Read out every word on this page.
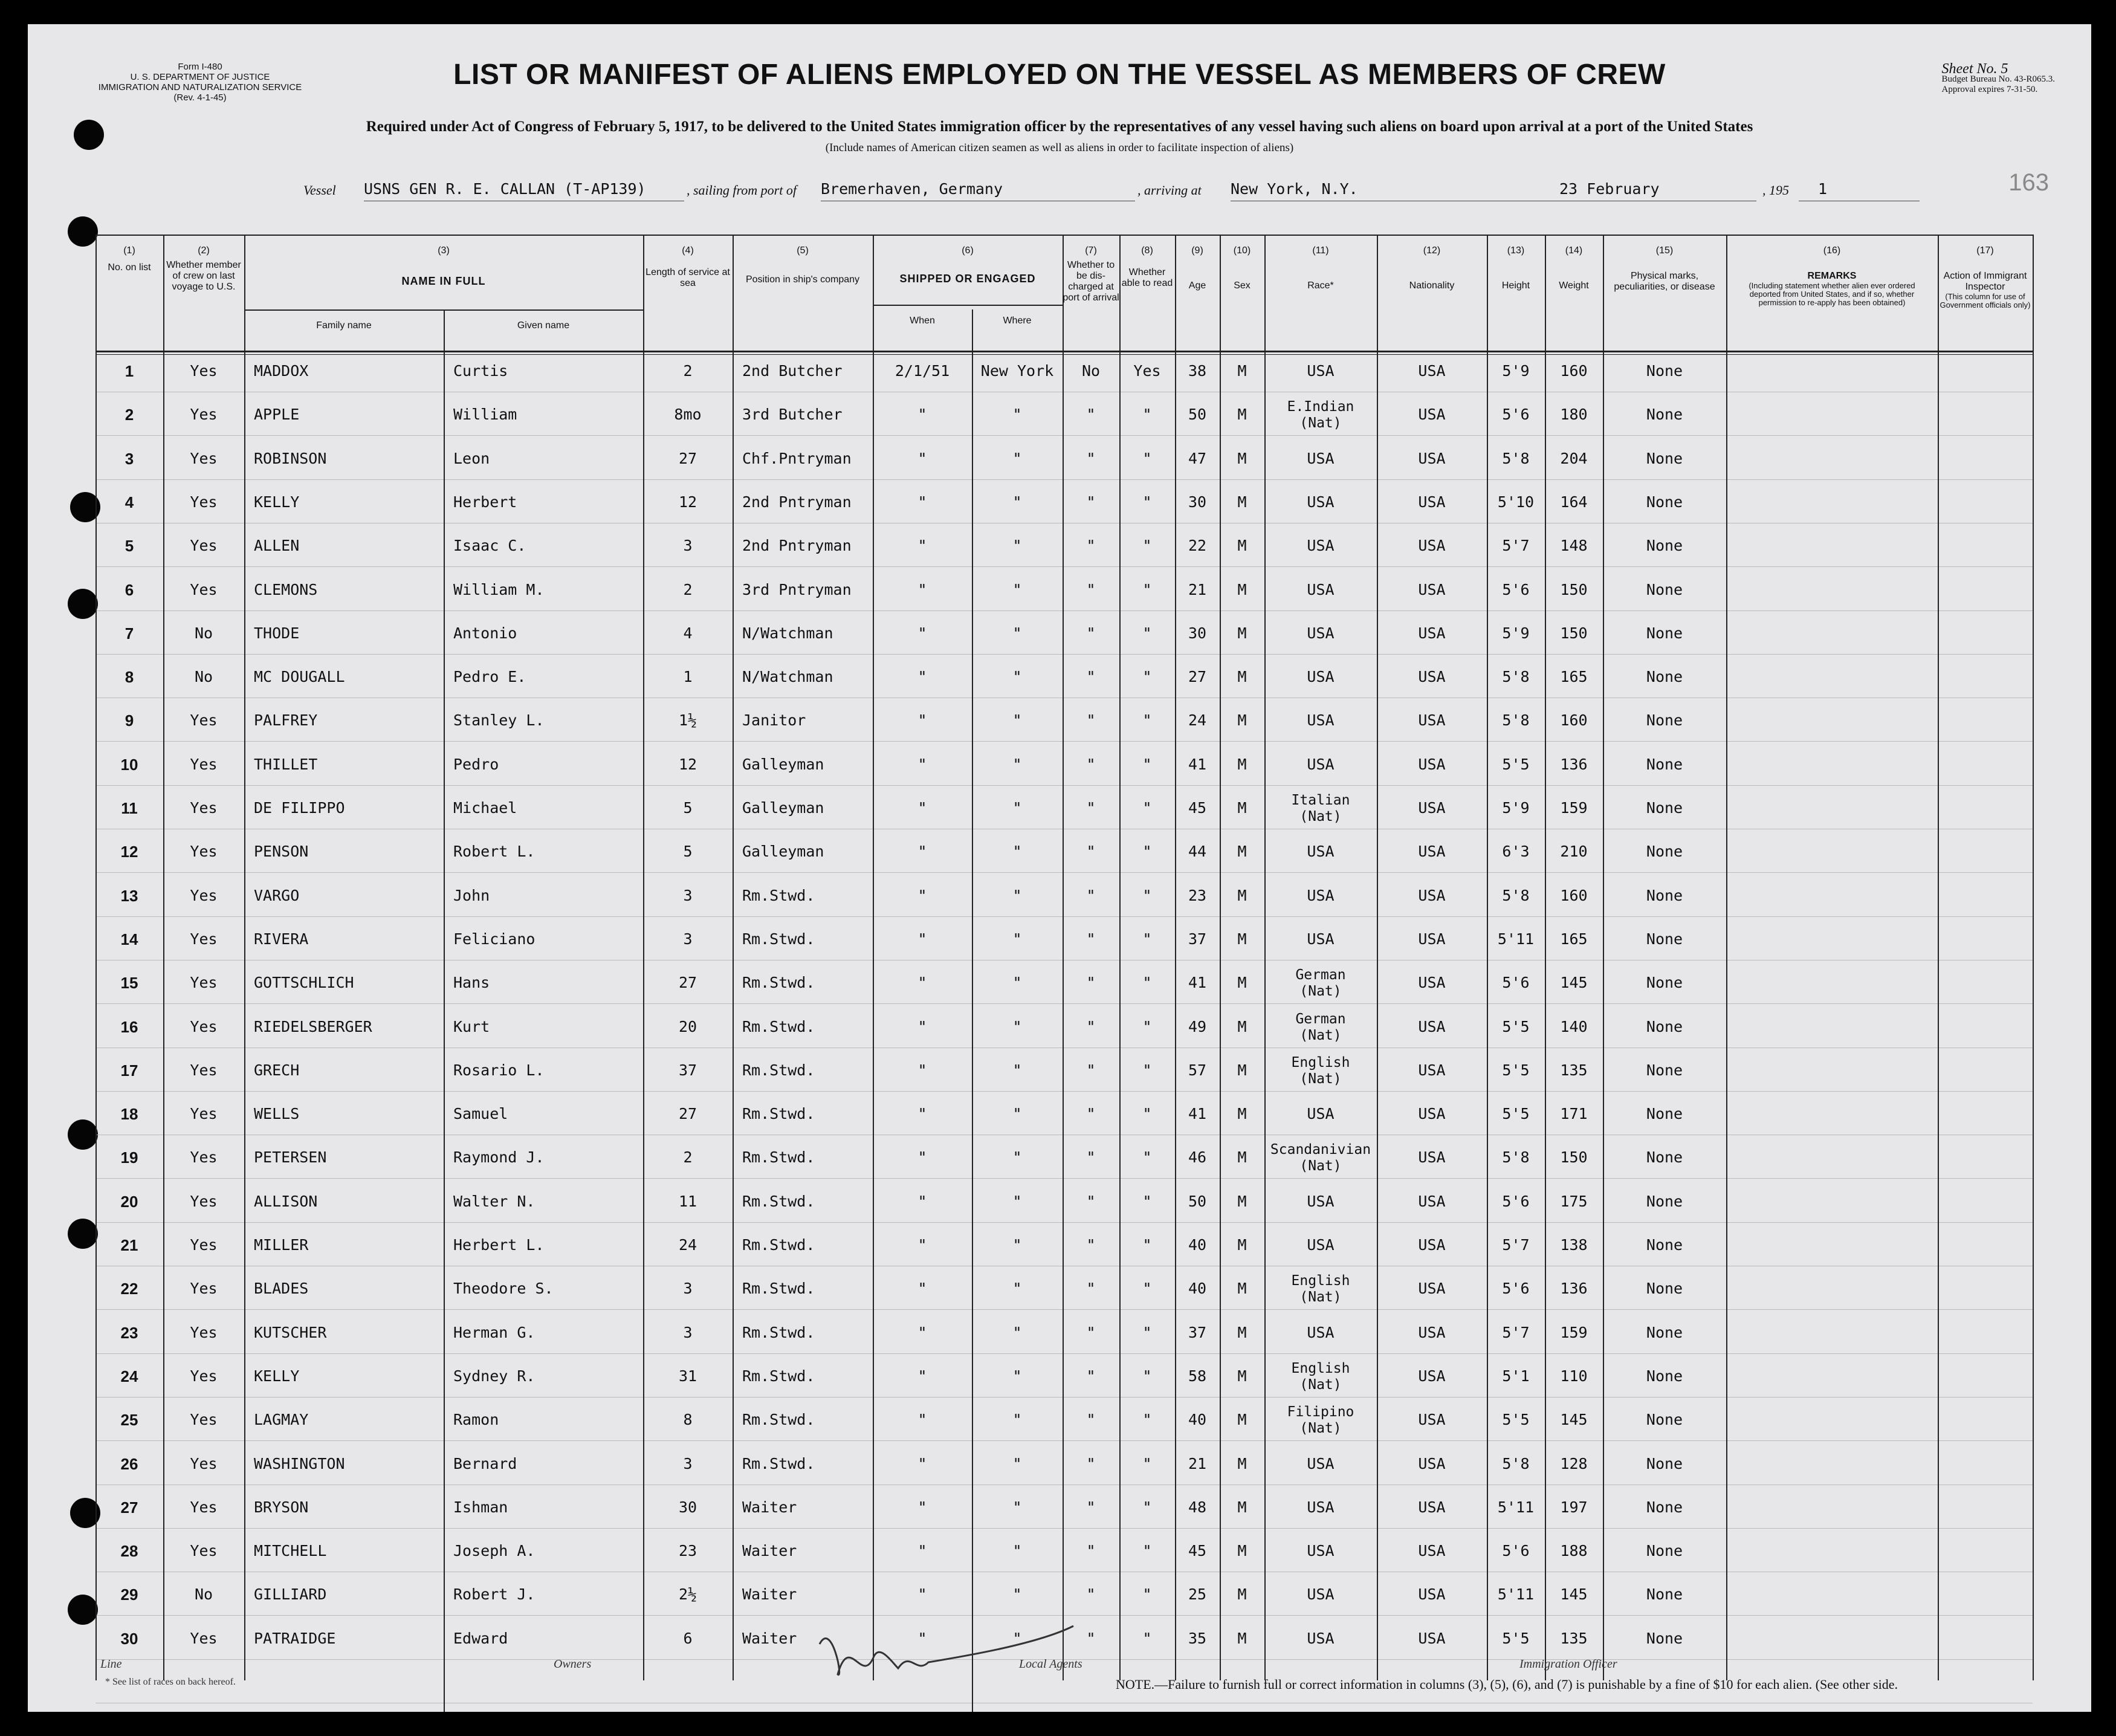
Form I-480
U. S. DEPARTMENT OF JUSTICE
IMMIGRATION AND NATURALIZATION SERVICE
(Rev. 4-1-45)
LIST OR MANIFEST OF ALIENS EMPLOYED ON THE VESSEL AS MEMBERS OF CREW
Required under Act of Congress of February 5, 1917, to be delivered to the United States immigration officer by the representatives of any vessel having such aliens on board upon arrival at a port of the United States
(Include names of American citizen seamen as well as aliens in order to facilitate inspection of aliens)
Sheet No. 5
Budget Bureau No. 43-R065.3.
Approval expires 7-31-50.
163
Vessel USNS GEN R. E. CALLAN (T-AP139)	, sailing from port of Bremerhaven, Germany	, arriving at New York, N.Y.	23 February	, 195 1
(1)
No. on list
(2)
Whether member of crew on last voyage to U.S.
(3)
NAME IN FULL
Family name	Given name
(4)
Length of service at sea
(5)
Position in ship's company
(6)
SHIPPED OR ENGAGED
When	Where
(7)
Whether to be dis-charged at port of arrival
(8)
Whether able to read
(9)
Age
(10)
Sex
(11)
Race*
(12)
Nationality
(13)
Height
(14)
Weight
(15)
Physical marks, peculiarities, or disease
(16)
REMARKS
(Including statement whether alien ever ordered deported from United States, and if so, whether permission to re-apply has been obtained)
(17)
Action of Immigrant Inspector
(This column for use of Government officials only)
1	Yes	MADDOX	Curtis	2	2nd Butcher	2/1/51	New York	No	Yes	38	M	USA	USA	5'9	160	None
2	Yes	APPLE	William	8mo	3rd Butcher	"	"	"	"	50	M	E.Indian
(Nat)	USA	5'6	180	None
3	Yes	ROBINSON	Leon	27	Chf.Pntryman	"	"	"	"	47	M	USA	USA	5'8	204	None
4	Yes	KELLY	Herbert	12	2nd Pntryman	"	"	"	"	30	M	USA	USA	5'10	164	None
5	Yes	ALLEN	Isaac C.	3	2nd Pntryman	"	"	"	"	22	M	USA	USA	5'7	148	None
6	Yes	CLEMONS	William M.	2	3rd Pntryman	"	"	"	"	21	M	USA	USA	5'6	150	None
7	No	THODE	Antonio	4	N/Watchman	"	"	"	"	30	M	USA	USA	5'9	150	None
8	No	MC DOUGALL	Pedro E.	1	N/Watchman	"	"	"	"	27	M	USA	USA	5'8	165	None
9	Yes	PALFREY	Stanley L.	1½	Janitor	"	"	"	"	24	M	USA	USA	5'8	160	None
10	Yes	THILLET	Pedro	12	Galleyman	"	"	"	"	41	M	USA	USA	5'5	136	None
11	Yes	DE FILIPPO	Michael	5	Galleyman	"	"	"	"	45	M	Italian
(Nat)	USA	5'9	159	None
12	Yes	PENSON	Robert L.	5	Galleyman	"	"	"	"	44	M	USA	USA	6'3	210	None
13	Yes	VARGO	John	3	Rm.Stwd.	"	"	"	"	23	M	USA	USA	5'8	160	None
14	Yes	RIVERA	Feliciano	3	Rm.Stwd.	"	"	"	"	37	M	USA	USA	5'11	165	None
15	Yes	GOTTSCHLICH	Hans	27	Rm.Stwd.	"	"	"	"	41	M	German
(Nat)	USA	5'6	145	None
16	Yes	RIEDELSBERGER	Kurt	20	Rm.Stwd.	"	"	"	"	49	M	German
(Nat)	USA	5'5	140	None
17	Yes	GRECH	Rosario L.	37	Rm.Stwd.	"	"	"	"	57	M	English
(Nat)	USA	5'5	135	None
18	Yes	WELLS	Samuel	27	Rm.Stwd.	"	"	"	"	41	M	USA	USA	5'5	171	None
19	Yes	PETERSEN	Raymond J.	2	Rm.Stwd.	"	"	"	"	46	M	Scandanivian
(Nat)	USA	5'8	150	None
20	Yes	ALLISON	Walter N.	11	Rm.Stwd.	"	"	"	"	50	M	USA	USA	5'6	175	None
21	Yes	MILLER	Herbert L.	24	Rm.Stwd.	"	"	"	"	40	M	USA	USA	5'7	138	None
22	Yes	BLADES	Theodore S.	3	Rm.Stwd.	"	"	"	"	40	M	English
(Nat)	USA	5'6	136	None
23	Yes	KUTSCHER	Herman G.	3	Rm.Stwd.	"	"	"	"	37	M	USA	USA	5'7	159	None
24	Yes	KELLY	Sydney R.	31	Rm.Stwd.	"	"	"	"	58	M	English
(Nat)	USA	5'1	110	None
25	Yes	LAGMAY	Ramon	8	Rm.Stwd.	"	"	"	"	40	M	Filipino
(Nat)	USA	5'5	145	None
26	Yes	WASHINGTON	Bernard	3	Rm.Stwd.	"	"	"	"	21	M	USA	USA	5'8	128	None
27	Yes	BRYSON	Ishman	30	Waiter	"	"	"	"	48	M	USA	USA	5'11	197	None
28	Yes	MITCHELL	Joseph A.	23	Waiter	"	"	"	"	45	M	USA	USA	5'6	188	None
29	No	GILLIARD	Robert J.	2½	Waiter	"	"	"	"	25	M	USA	USA	5'11	145	None
30	Yes	PATRAIDGE	Edward	6	Waiter	"	"	"	"	35	M	USA	USA	5'5	135	None
Line	Owners	Local Agents	Immigration Officer
* See list of races on back hereof.	NOTE.—Failure to furnish full or correct information in columns (3), (5), (6), and (7) is punishable by a fine of $10 for each alien. (See other side.
